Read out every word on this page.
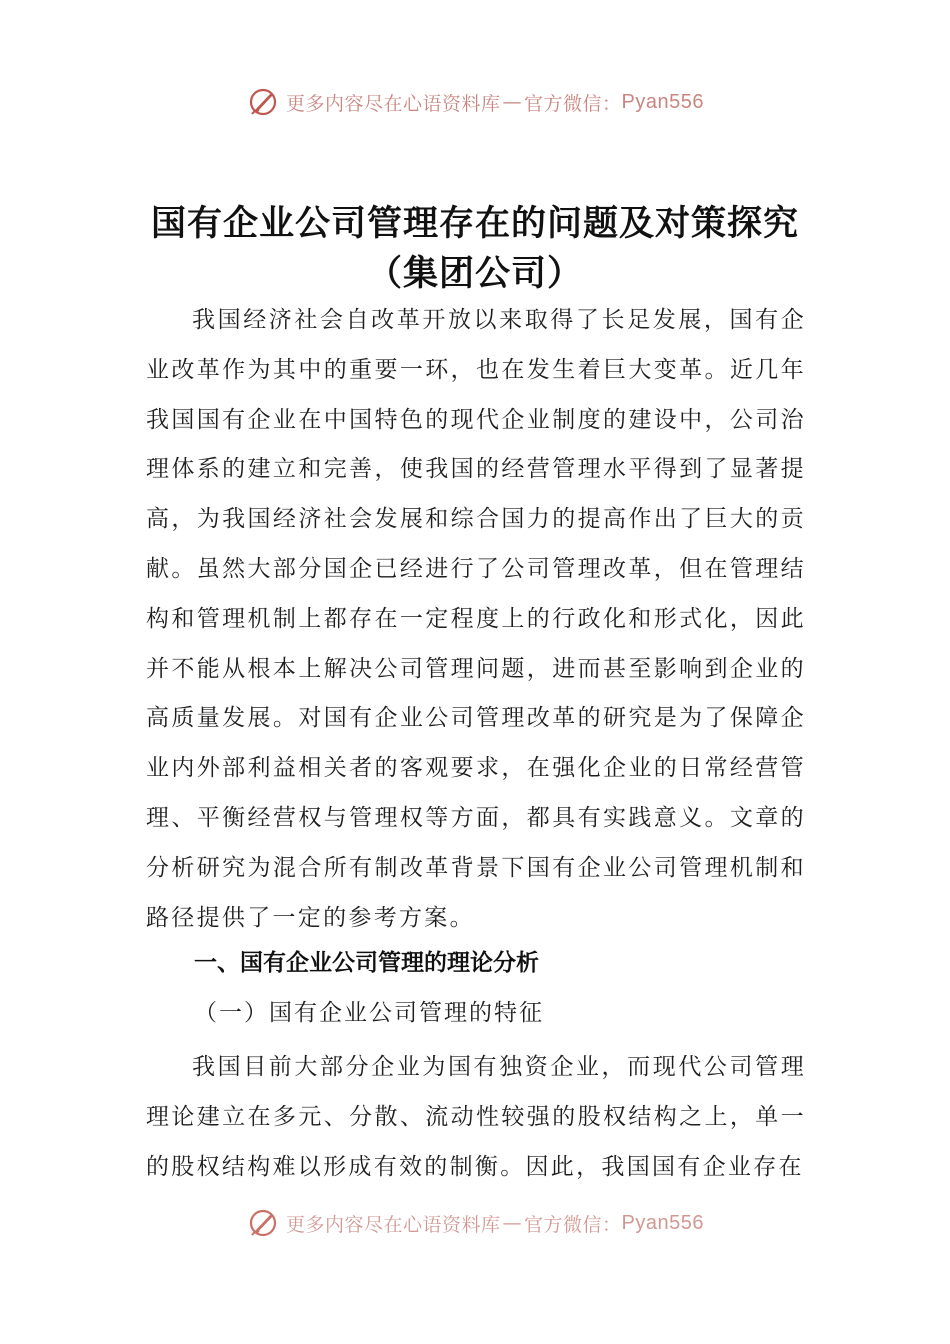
更多内容尽在心语资料库 — 官方微信： Pyan556
国有企业公司管理存在的问题及对策探究
（集团公司）

我国经济社会自改革开放以来取得了长足发展，国有企业改革作为其中的重要一环，也在发生着巨大变革。近几年我国国有企业在中国特色的现代企业制度的建设中，公司治理体系的建立和完善，使我国的经营管理水平得到了显著提高，为我国经济社会发展和综合国力的提高作出了巨大的贡献。虽然大部分国企已经进行了公司管理改革，但在管理结构和管理机制上都存在一定程度上的行政化和形式化，因此并不能从根本上解决公司管理问题，进而甚至影响到企业的高质量发展。对国有企业公司管理改革的研究是为了保障企业内外部利益相关者的客观要求，在强化企业的日常经营管理、平衡经营权与管理权等方面，都具有实践意义。文章的分析研究为混合所有制改革背景下国有企业公司管理机制和路径提供了一定的参考方案。

一、国有企业公司管理的理论分析
（一）国有企业公司管理的特征

我国目前大部分企业为国有独资企业，而现代公司管理理论建立在多元、分散、流动性较强的股权结构之上，单一的股权结构难以形成有效的制衡。因此，我国国有企业存在

更多内容尽在心语资料库 — 官方微信： Pyan556
